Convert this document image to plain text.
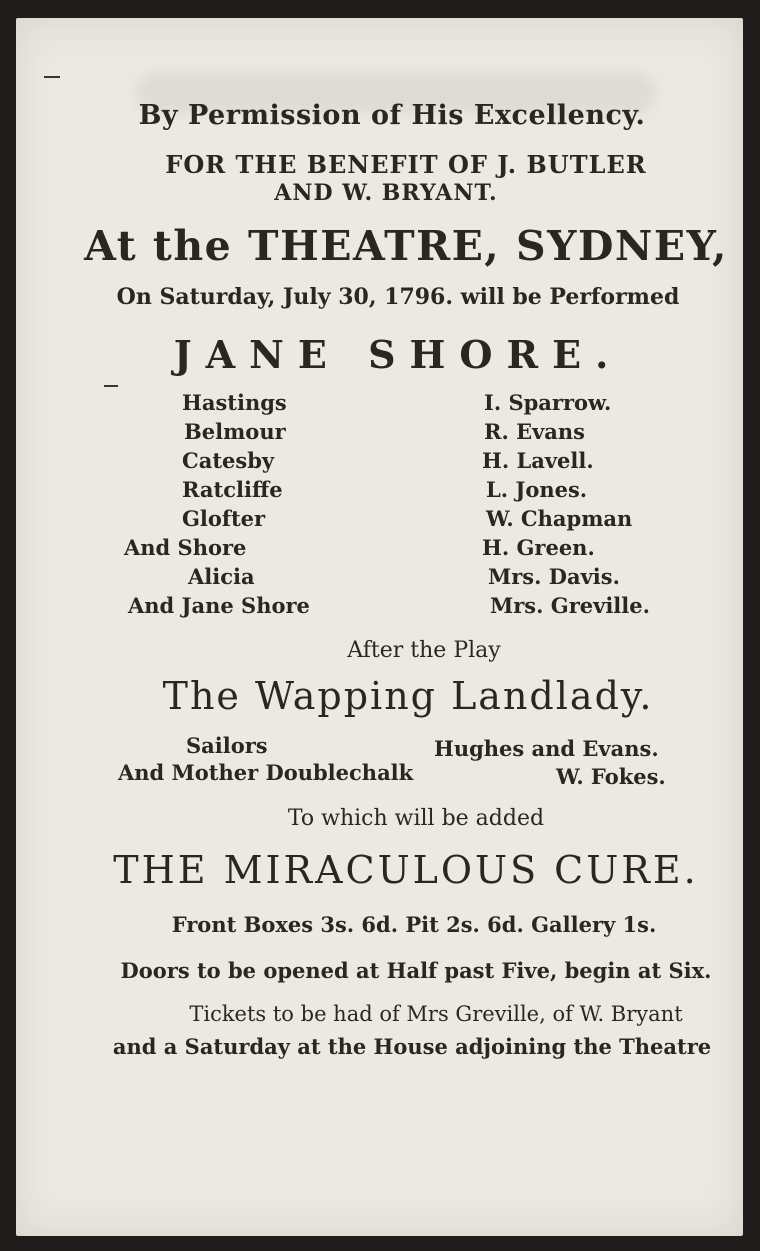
By Permission of His Excellency.
FOR THE BENEFIT OF J. BUTLER
AND W. BRYANT.
At the THEATRE, SYDNEY,
On Saturday, July 30, 1796. will be Performed
JANE SHORE.
Hastings
Belmour
Catesby
Ratcliffe
Glofter
And Shore
Alicia
And Jane Shore
I. Sparrow.
R. Evans
H. Lavell.
L. Jones.
W. Chapman
H. Green.
Mrs. Davis.
Mrs. Greville.
After the Play
The Wapping Landlady.
Sailors	Hughes and Evans.
And Mother Doublechalk	W. Fokes.
To which will be added
THE MIRACULOUS CURE.
Front Boxes 3s. 6d. Pit 2s. 6d. Gallery 1s.
Doors to be opened at Half past Five, begin at Six.
Tickets to be had of Mrs Greville, of W. Bryant
and a Saturday at the House adjoining the Theatre
